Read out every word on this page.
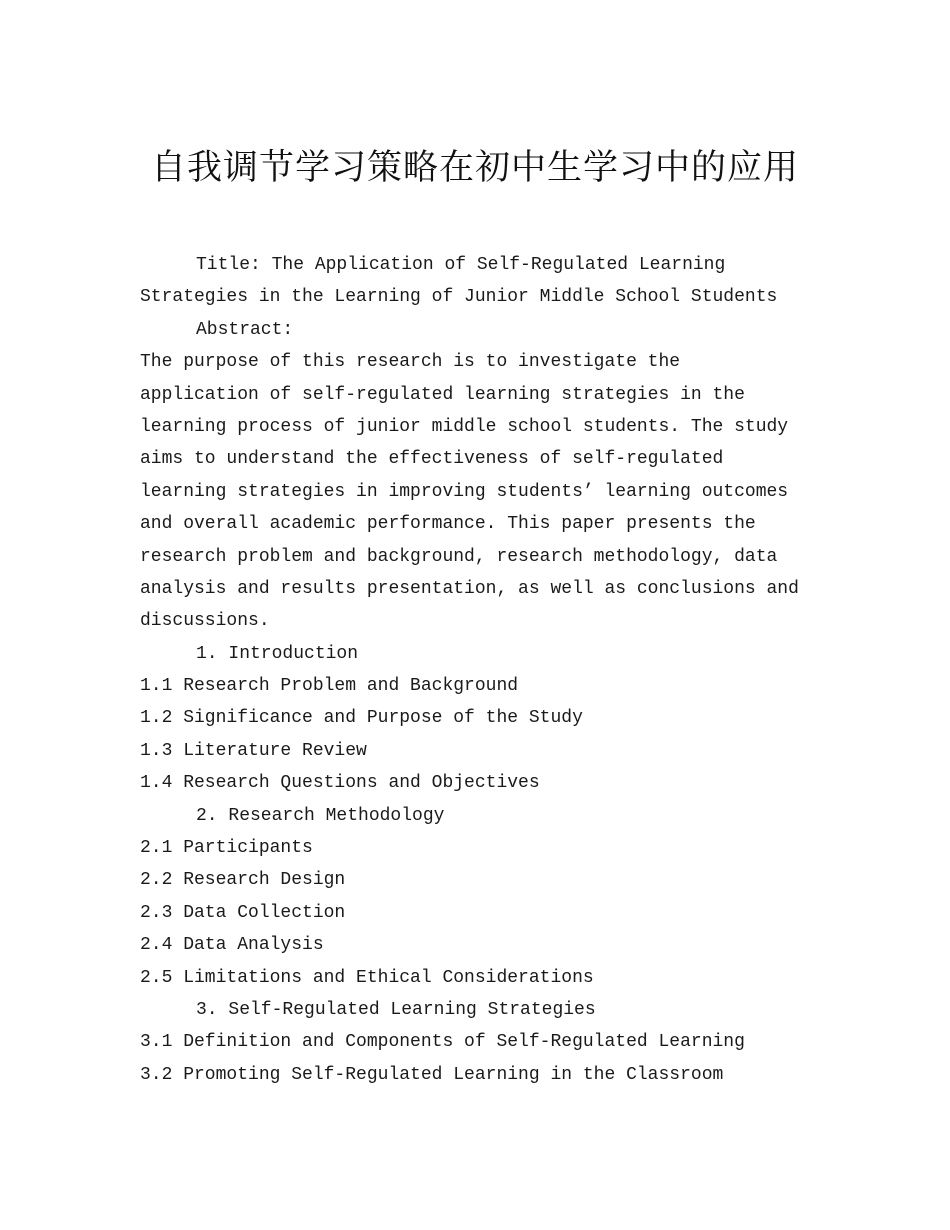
自我调节学习策略在初中生学习中的应用
Title: The Application of Self-Regulated Learning
Strategies in the Learning of Junior Middle School Students
Abstract:
The purpose of this research is to investigate the
application of self-regulated learning strategies in the
learning process of junior middle school students. The study
aims to understand the effectiveness of self-regulated
learning strategies in improving students’ learning outcomes
and overall academic performance. This paper presents the
research problem and background, research methodology, data
analysis and results presentation, as well as conclusions and
discussions.
1. Introduction
1.1 Research Problem and Background
1.2 Significance and Purpose of the Study
1.3 Literature Review
1.4 Research Questions and Objectives
2. Research Methodology
2.1 Participants
2.2 Research Design
2.3 Data Collection
2.4 Data Analysis
2.5 Limitations and Ethical Considerations
3. Self-Regulated Learning Strategies
3.1 Definition and Components of Self-Regulated Learning
3.2 Promoting Self-Regulated Learning in the Classroom
